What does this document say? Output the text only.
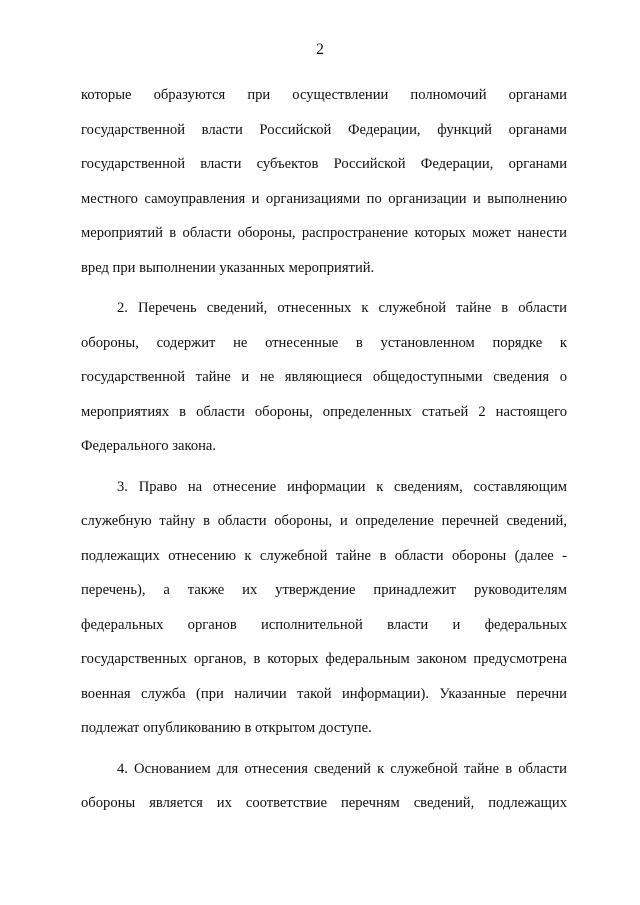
2
которые образуются при осуществлении полномочий органами
государственной власти Российской Федерации, функций органами
государственной власти субъектов Российской Федерации, органами
местного самоуправления и организациями по организации и выполнению
мероприятий в области обороны, распространение которых может нанести
вред при выполнении указанных мероприятий.
2. Перечень сведений, отнесенных к служебной тайне в области
обороны, содержит не отнесенные в установленном порядке к
государственной тайне и не являющиеся общедоступными сведения о
мероприятиях в области обороны, определенных статьей 2 настоящего
Федерального закона.
3. Право на отнесение информации к сведениям, составляющим
служебную тайну в области обороны, и определение перечней сведений,
подлежащих отнесению к служебной тайне в области обороны (далее -
перечень), а также их утверждение принадлежит руководителям
федеральных органов исполнительной власти и федеральных
государственных органов, в которых федеральным законом предусмотрена
военная служба (при наличии такой информации). Указанные перечни
подлежат опубликованию в открытом доступе.
4. Основанием для отнесения сведений к служебной тайне в области
обороны является их соответствие перечням сведений, подлежащих
